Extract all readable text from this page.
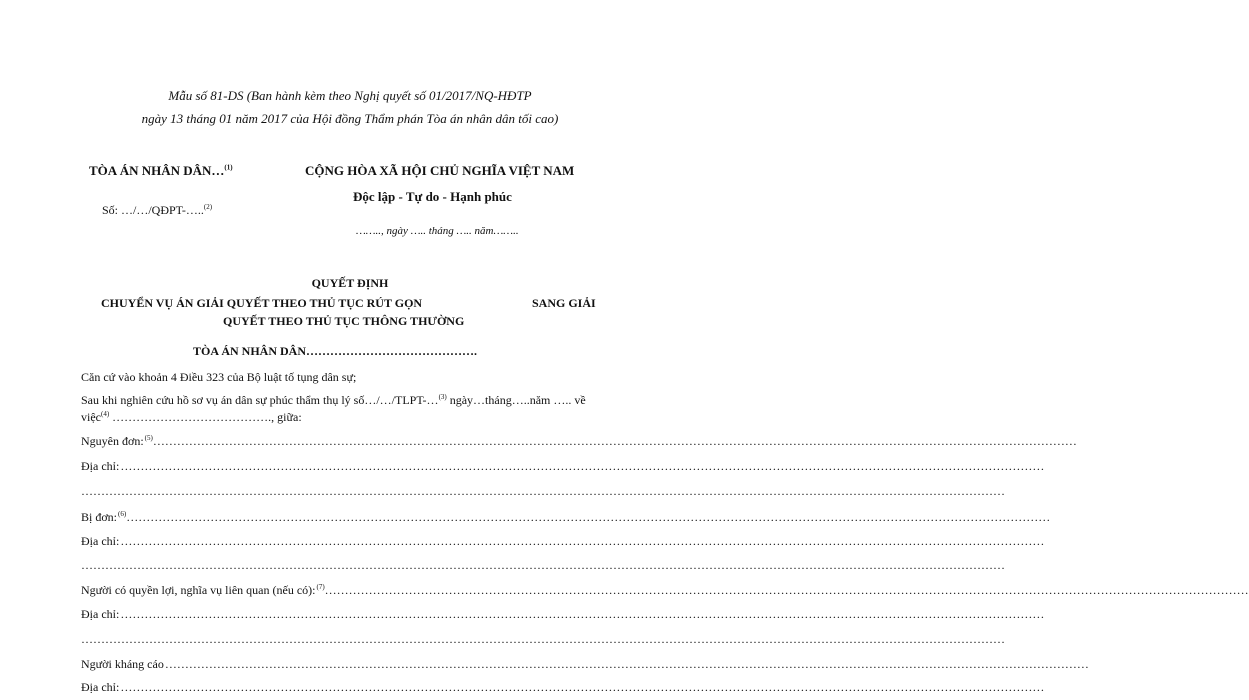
Mẫu số 81-DS (Ban hành kèm theo Nghị quyết số 01/2017/NQ-HĐTP
ngày 13 tháng 01 năm 2017 của Hội đồng Thẩm phán Tòa án nhân dân tối cao)
TÒA ÁN NHÂN DÂN…$^{(1)}$
Số: …/…/QĐPT-…..$^{(2)}$
CỘNG HÒA XÃ HỘI CHỦ NGHĨA VIỆT NAM
Độc lập - Tự do - Hạnh phúc
…….., ngày ….. tháng ….. năm……..
QUYẾT ĐỊNH
CHUYỂN VỤ ÁN GIẢI QUYẾT THEO THỦ TỤC RÚT GỌN	SANG GIẢI
QUYẾT THEO THỦ TỤC THÔNG THƯỜNG
TÒA ÁN NHÂN DÂN…………………………………….
Căn cứ vào khoản 4 Điều 323 của Bộ luật tố tụng dân sự;
Sau khi nghiên cứu hồ sơ vụ án dân sự phúc thẩm thụ lý số…/…/TLPT-…$^{(3)}$ ngày…tháng…..năm ….. về
việc$^{(4)}$ …………………………………., giữa:
Nguyên đơn:$^{(5)}$……………………………………………………………………………………………………………………………………………………………………………………………………………
Địa chỉ:……………………………………………………………………………………………………………………………………………………………………………………………………………
……………………………………………………………………………………………………………………………………………………………………………………………………………
Bị đơn:$^{(6)}$……………………………………………………………………………………………………………………………………………………………………………………………………………
Địa chỉ:……………………………………………………………………………………………………………………………………………………………………………………………………………
……………………………………………………………………………………………………………………………………………………………………………………………………………
Người có quyền lợi, nghĩa vụ liên quan (nếu có):$^{(7)}$……………………………………………………………………………………………………………………………………………………………………………………………………………
Địa chỉ:……………………………………………………………………………………………………………………………………………………………………………………………………………
……………………………………………………………………………………………………………………………………………………………………………………………………………
Người kháng cáo……………………………………………………………………………………………………………………………………………………………………………………………………………
Địa chỉ:……………………………………………………………………………………………………………………………………………………………………………………………………………
